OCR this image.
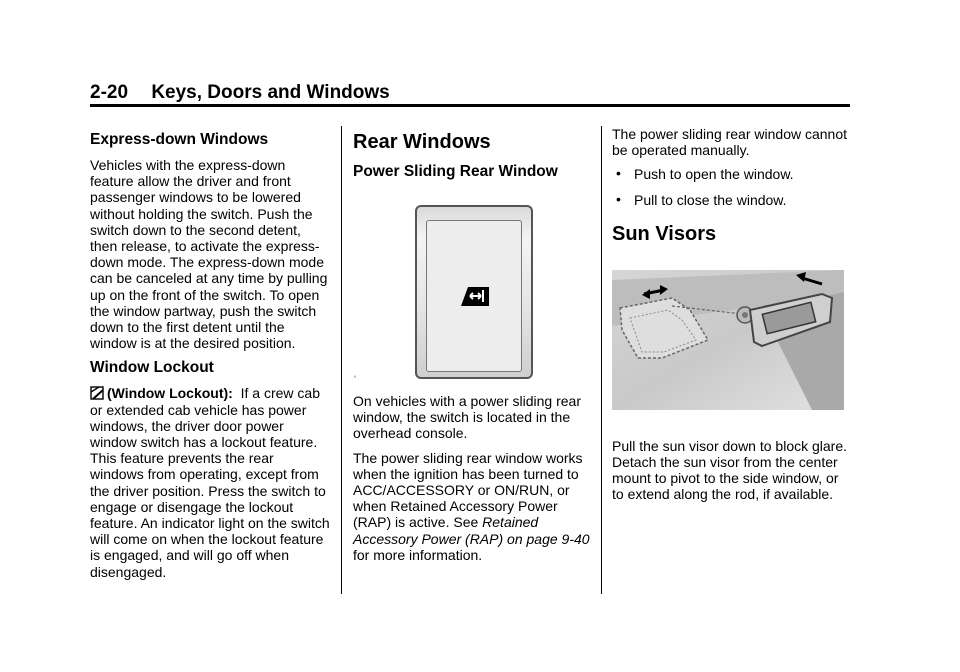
2-20 Keys, Doors and Windows
Express-down Windows

Vehicles with the express-down feature allow the driver and front passenger windows to be lowered without holding the switch. Push the switch down to the second detent, then release, to activate the express-down mode. The express-down mode can be canceled at any time by pulling up on the front of the switch. To open the window partway, push the switch down to the first detent until the window is at the desired position.

Window Lockout

(Window Lockout): If a crew cab or extended cab vehicle has power windows, the driver door power window switch has a lockout feature. This feature prevents the rear windows from operating, except from the driver position. Press the switch to engage or disengage the lockout feature. An indicator light on the switch will come on when the lockout feature is engaged, and will go off when disengaged.

Rear Windows
Power Sliding Rear Window
‘

On vehicles with a power sliding rear window, the switch is located in the overhead console.

The power sliding rear window works when the ignition has been turned to ACC/ACCESSORY or ON/RUN, or when Retained Accessory Power (RAP) is active. See Retained Accessory Power (RAP) on page 9-40 for more information.

The power sliding rear window cannot be operated manually.

• Push to open the window.
• Pull to close the window.
Sun Visors

Pull the sun visor down to block glare. Detach the sun visor from the center mount to pivot to the side window, or to extend along the rod, if available.
